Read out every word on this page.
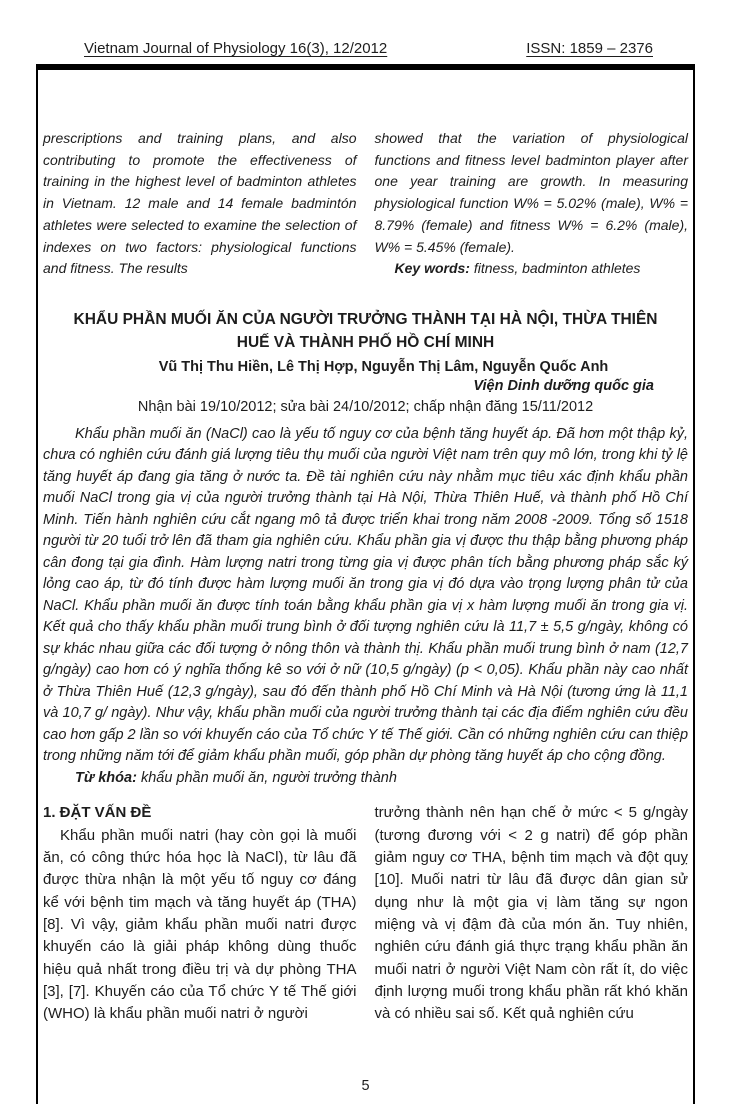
Vietnam Journal of Physiology 16(3), 12/2012	ISSN: 1859 – 2376

prescriptions and training plans, and also contributing to promote the effectiveness of training in the highest level of badminton athletes in Vietnam. 12 male and 14 female badmintón athletes were selected to examine the selection of indexes on two factors: physiological functions and fitness. The results

showed that the variation of physiological functions and fitness level badminton player after one year training are growth. In measuring physiological function W% = 5.02% (male), W% = 8.79% (female) and fitness W% = 6.2% (male), W% = 5.45% (female).

Key words: fitness, badminton athletes

KHẨU PHẦN MUỐI ĂN CỦA NGƯỜI TRƯỞNG THÀNH TẠI HÀ NỘI, THỪA THIÊN HUẾ VÀ THÀNH PHỐ HỒ CHÍ MINH

Vũ Thị Thu Hiền, Lê Thị Hợp, Nguyễn Thị Lâm, Nguyễn Quốc Anh

Viện Dinh dưỡng quốc gia

Nhận bài 19/10/2012; sửa bài 24/10/2012; chấp nhận đăng 15/11/2012

Khẩu phần muối ăn (NaCl) cao là yếu tố nguy cơ của bệnh tăng huyết áp. Đã hơn một thập kỷ, chưa có nghiên cứu đánh giá lượng tiêu thụ muối của người Việt nam trên quy mô lớn, trong khi tỷ lệ tăng huyết áp đang gia tăng ở nước ta. Đề tài nghiên cứu này nhằm mục tiêu xác định khẩu phần muối NaCl trong gia vị của người trưởng thành tại Hà Nội, Thừa Thiên Huế, và thành phố Hồ Chí Minh. Tiến hành nghiên cứu cắt ngang mô tả được triển khai trong năm 2008 -2009. Tổng số 1518 người từ 20 tuổi trở lên đã tham gia nghiên cứu. Khẩu phần gia vị được thu thập bằng phương pháp cân đong tại gia đình. Hàm lượng natri trong từng gia vị được phân tích bằng phương pháp sắc ký lỏng cao áp, từ đó tính được hàm lượng muối ăn trong gia vị đó dựa vào trọng lượng phân tử của NaCl. Khẩu phần muối ăn được tính toán bằng khẩu phần gia vị x hàm lượng muối ăn trong gia vị. Kết quả cho thấy khẩu phần muối trung bình ở đối tượng nghiên cứu là 11,7 ± 5,5 g/ngày, không có sự khác nhau giữa các đối tượng ở nông thôn và thành thị. Khẩu phần muối trung bình ở nam (12,7 g/ngày) cao hơn có ý nghĩa thống kê so với ở nữ (10,5 g/ngày) (p < 0,05). Khẩu phần này cao nhất ở Thừa Thiên Huế (12,3 g/ngày), sau đó đến thành phố Hồ Chí Minh và Hà Nội (tương ứng là 11,1 và 10,7 g/ ngày). Như vậy, khẩu phần muối của người trưởng thành tại các địa điểm nghiên cứu đều cao hơn gấp 2 lần so với khuyến cáo của Tổ chức Y tế Thế giới. Cần có những nghiên cứu can thiệp trong những năm tới để giảm khẩu phần muối, góp phần dự phòng tăng huyết áp cho cộng đồng.

Từ khóa: khẩu phần muối ăn, người trưởng thành

1. ĐẶT VẤN ĐỀ

Khẩu phần muối natri (hay còn gọi là muối ăn, có công thức hóa học là NaCl), từ lâu đã được thừa nhận là một yếu tố nguy cơ đáng kể với bệnh tim mạch và tăng huyết áp (THA) [8]. Vì vậy, giảm khẩu phần muối natri được khuyến cáo là giải pháp không dùng thuốc hiệu quả nhất trong điều trị và dự phòng THA [3], [7]. Khuyến cáo của Tổ chức Y tế Thế giới (WHO) là khẩu phần muối natri ở người

trưởng thành nên hạn chế ở mức < 5 g/ngày (tương đương với < 2 g natri) để góp phần giảm nguy cơ THA, bệnh tim mạch và đột quỵ [10]. Muối natri từ lâu đã được dân gian sử dụng như là một gia vị làm tăng sự ngon miệng và vị đậm đà của món ăn. Tuy nhiên, nghiên cứu đánh giá thực trạng khẩu phần ăn muối natri ở người Việt Nam còn rất ít, do việc định lượng muối trong khẩu phần rất khó khăn và có nhiều sai số. Kết quả nghiên cứu

5
